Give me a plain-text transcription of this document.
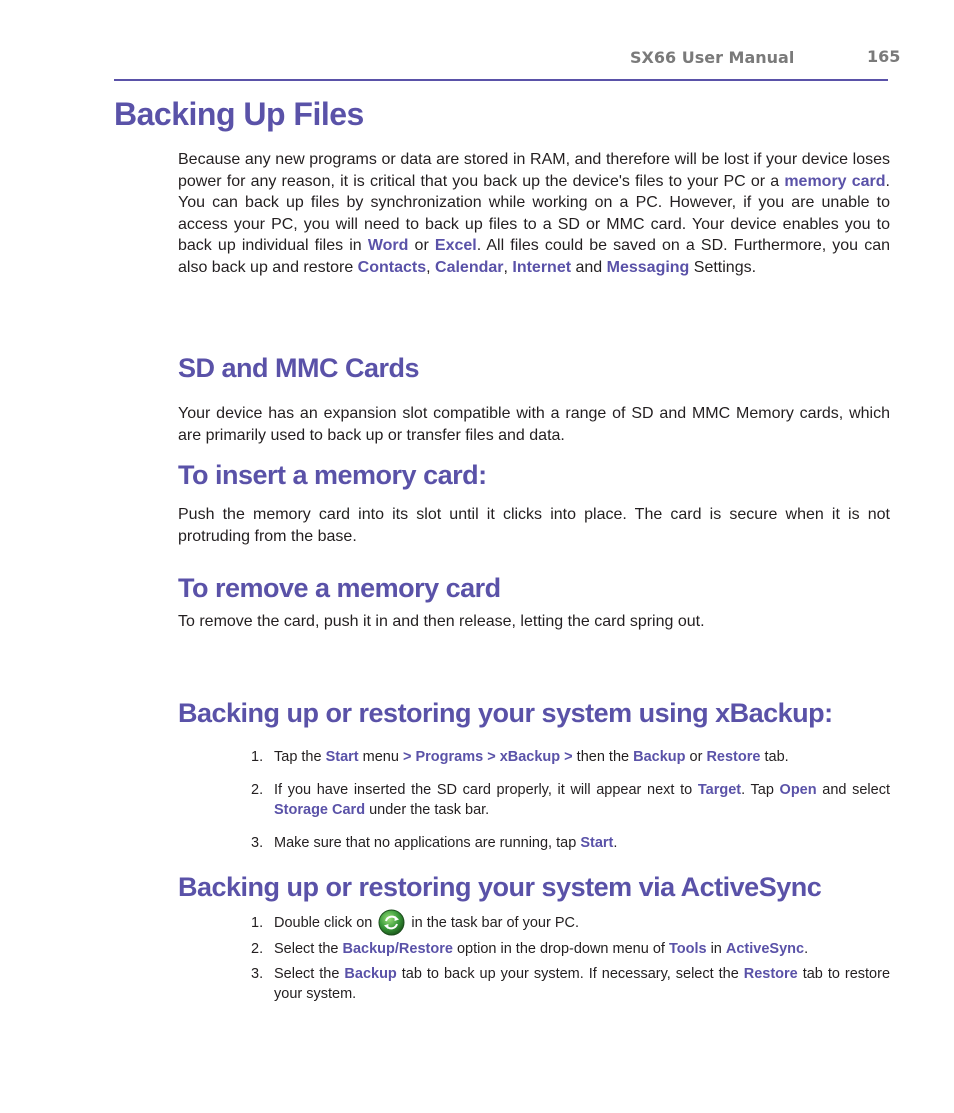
SX66 User Manual	165
Backing Up Files

Because any new programs or data are stored in RAM, and therefore will be lost if your device loses power for any reason, it is critical that you back up the device's files to your PC or a memory card. You can back up files by synchronization while working on a PC. However, if you are unable to access your PC, you will need to back up files to a SD or MMC card. Your device enables you to back up individual files in Word or Excel. All files could be saved on a SD. Furthermore, you can also back up and restore Contacts, Calendar, Internet and Messaging Settings.

SD and MMC Cards

Your device has an expansion slot compatible with a range of SD and MMC Memory cards, which are primarily used to back up or transfer files and data.

To insert a memory card:

Push the memory card into its slot until it clicks into place. The card is secure when it is not protruding from the base.

To remove a memory card

To remove the card, push it in and then release, letting the card spring out.

Backing up or restoring your system using xBackup:
1. Tap the Start menu > Programs > xBackup > then the Backup or Restore tab.
2. If you have inserted the SD card properly, it will appear next to Target. Tap Open and select Storage Card under the task bar.
3. Make sure that no applications are running, tap Start.
Backing up or restoring your system via ActiveSync
1. Double click on  in the task bar of your PC.
2. Select the Backup/Restore option in the drop-down menu of Tools in ActiveSync.
3. Select the Backup tab to back up your system. If necessary, select the Restore tab to restore your system.
